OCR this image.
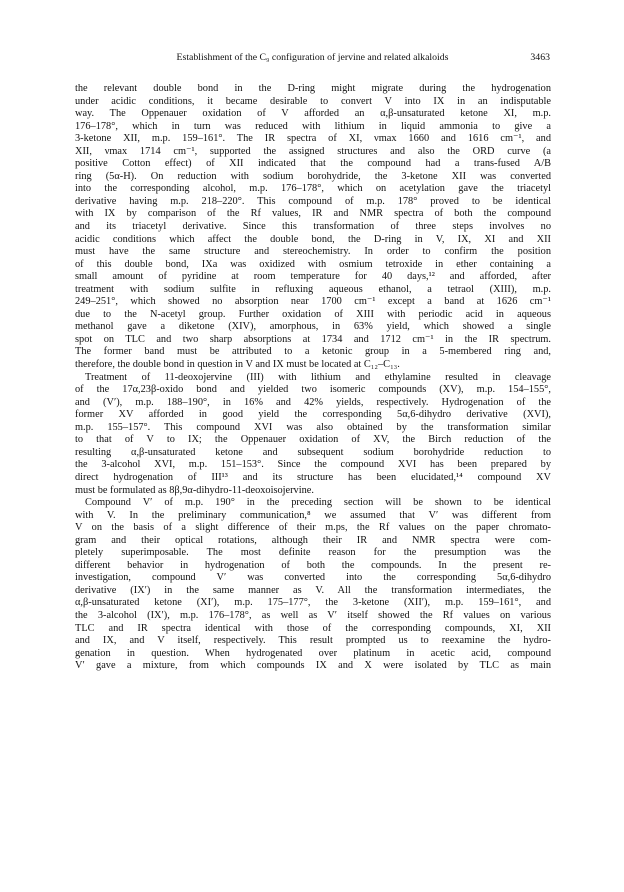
Establishment of the C₉ configuration of jervine and related alkaloids	3463
the relevant double bond in the D-ring might migrate during the hydrogenation
under acidic conditions, it became desirable to convert V into IX in an indisputable
way. The Oppenauer oxidation of V afforded an α,β-unsaturated ketone XI, m.p.
176–178°, which in turn was reduced with lithium in liquid ammonia to give a
3-ketone XII, m.p. 159–161°. The IR spectra of XI, νmax 1660 and 1616 cm⁻¹, and
XII, νmax 1714 cm⁻¹, supported the assigned structures and also the ORD curve (a
positive Cotton effect) of XII indicated that the compound had a trans-fused A/B
ring (5α-H). On reduction with sodium borohydride, the 3-ketone XII was converted
into the corresponding alcohol, m.p. 176–178°, which on acetylation gave the triacetyl
derivative having m.p. 218–220°. This compound of m.p. 178° proved to be identical
with IX by comparison of the Rf values, IR and NMR spectra of both the compound
and its triacetyl derivative. Since this transformation of three steps involves no
acidic conditions which affect the double bond, the D-ring in V, IX, XI and XII
must have the same structure and stereochemistry. In order to confirm the position
of this double bond, IXa was oxidized with osmium tetroxide in ether containing a
small amount of pyridine at room temperature for 40 days,¹² and afforded, after
treatment with sodium sulfite in refluxing aqueous ethanol, a tetraol (XIII), m.p.
249–251°, which showed no absorption near 1700 cm⁻¹ except a band at 1626 cm⁻¹
due to the N-acetyl group. Further oxidation of XIII with periodic acid in aqueous
methanol gave a diketone (XIV), amorphous, in 63% yield, which showed a single
spot on TLC and two sharp absorptions at 1734 and 1712 cm⁻¹ in the IR spectrum.
The former band must be attributed to a ketonic group in a 5-membered ring and,
therefore, the double bond in question in V and IX must be located at C₁₂–C₁₃.
Treatment of 11-deoxojervine (III) with lithium and ethylamine resulted in cleavage
of the 17α,23β-oxido bond and yielded two isomeric compounds (XV), m.p. 154–155°,
and (V′), m.p. 188–190°, in 16% and 42% yields, respectively. Hydrogenation of the
former XV afforded in good yield the corresponding 5α,6-dihydro derivative (XVI),
m.p. 155–157°. This compound XVI was also obtained by the transformation similar
to that of V to IX; the Oppenauer oxidation of XV, the Birch reduction of the
resulting α,β-unsaturated ketone and subsequent sodium borohydride reduction to
the 3-alcohol XVI, m.p. 151–153°. Since the compound XVI has been prepared by
direct hydrogenation of III¹³ and its structure has been elucidated,¹⁴ compound XV
must be formulated as 8β,9α-dihydro-11-deoxoisojervine.
Compound V′ of m.p. 190° in the preceding section will be shown to be identical
with V. In the preliminary communication,⁸ we assumed that V′ was different from
V on the basis of a slight difference of their m.ps, the Rf values on the paper chromato-
gram and their optical rotations, although their IR and NMR spectra were com-
pletely superimposable. The most definite reason for the presumption was the
different behavior in hydrogenation of both the compounds. In the present re-
investigation, compound V′ was converted into the corresponding 5α,6-dihydro
derivative (IX′) in the same manner as V. All the transformation intermediates, the
α,β-unsaturated ketone (XI′), m.p. 175–177°, the 3-ketone (XII′), m.p. 159–161°, and
the 3-alcohol (IX′), m.p. 176–178°, as well as V′ itself showed the Rf values on various
TLC and IR spectra identical with those of the corresponding compounds, XI, XII
and IX, and V itself, respectively. This result prompted us to reexamine the hydro-
genation in question. When hydrogenated over platinum in acetic acid, compound
V′ gave a mixture, from which compounds IX and X were isolated by TLC as main
